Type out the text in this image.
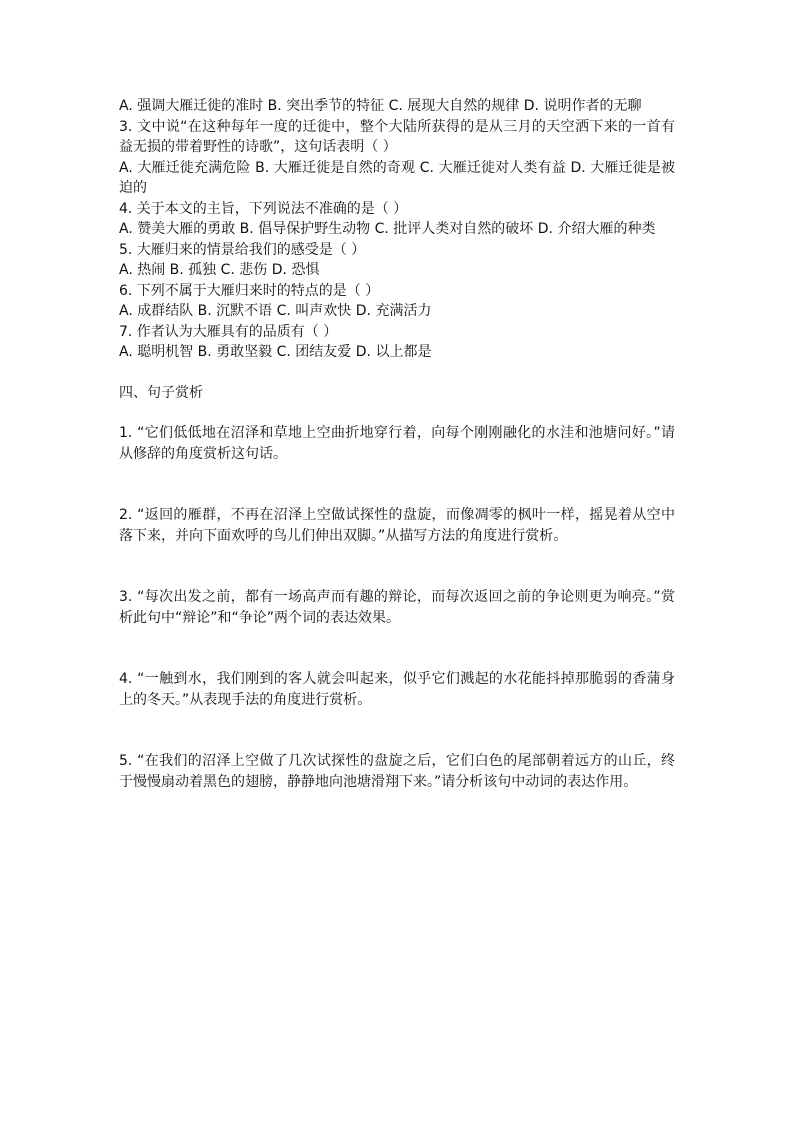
A. 强调大雁迁徙的准时 B. 突出季节的特征 C. 展现大自然的规律 D. 说明作者的无聊

3. 文中说“在这种每年一度的迁徙中，整个大陆所获得的是从三月的天空洒下来的一首有益无损的带着野性的诗歌”，这句话表明（ ）

A. 大雁迁徙充满危险 B. 大雁迁徙是自然的奇观 C. 大雁迁徙对人类有益 D. 大雁迁徙是被迫的

4. 关于本文的主旨，下列说法不准确的是（ ）

A. 赞美大雁的勇敢 B. 倡导保护野生动物 C. 批评人类对自然的破坏 D. 介绍大雁的种类

5. 大雁归来的情景给我们的感受是（ ）

A. 热闹 B. 孤独 C. 悲伤 D. 恐惧

6. 下列不属于大雁归来时的特点的是（ ）

A. 成群结队 B. 沉默不语 C. 叫声欢快 D. 充满活力

7. 作者认为大雁具有的品质有（ ）

A. 聪明机智 B. 勇敢坚毅 C. 团结友爱 D. 以上都是

四、句子赏析

1. “它们低低地在沼泽和草地上空曲折地穿行着，向每个刚刚融化的水洼和池塘问好。”请从修辞的角度赏析这句话。

2. “返回的雁群，不再在沼泽上空做试探性的盘旋，而像凋零的枫叶一样，摇晃着从空中落下来，并向下面欢呼的鸟儿们伸出双脚。”从描写方法的角度进行赏析。

3. “每次出发之前，都有一场高声而有趣的辩论，而每次返回之前的争论则更为响亮。”赏析此句中“辩论”和“争论”两个词的表达效果。

4. “一触到水，我们刚到的客人就会叫起来，似乎它们溅起的水花能抖掉那脆弱的香蒲身上的冬天。”从表现手法的角度进行赏析。

5. “在我们的沼泽上空做了几次试探性的盘旋之后，它们白色的尾部朝着远方的山丘，终于慢慢扇动着黑色的翅膀，静静地向池塘滑翔下来。”请分析该句中动词的表达作用。
